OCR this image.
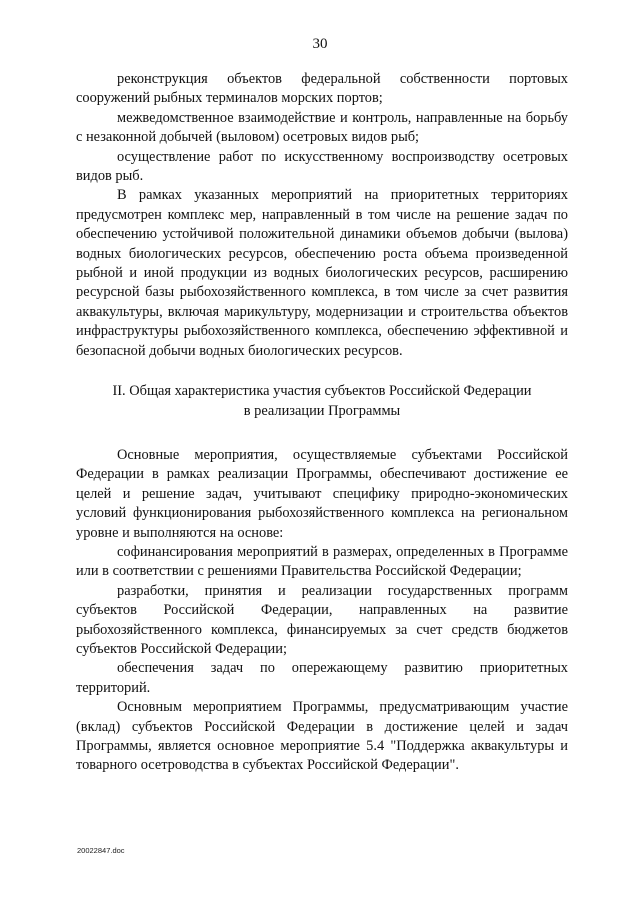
30

реконструкция объектов федеральной собственности портовых сооружений рыбных терминалов морских портов;

межведомственное взаимодействие и контроль, направленные на борьбу с незаконной добычей (выловом) осетровых видов рыб;

осуществление работ по искусственному воспроизводству осетровых видов рыб.

В рамках указанных мероприятий на приоритетных территориях предусмотрен комплекс мер, направленный в том числе на решение задач по обеспечению устойчивой положительной динамики объемов добычи (вылова) водных биологических ресурсов, обеспечению роста объема произведенной рыбной и иной продукции из водных биологических ресурсов, расширению ресурсной базы рыбохозяйственного комплекса, в том числе за счет развития аквакультуры, включая марикультуру, модернизации и строительства объектов инфраструктуры рыбохозяйственного комплекса, обеспечению эффективной и безопасной добычи водных биологических ресурсов.

II. Общая характеристика участия субъектов Российской Федерации
в реализации Программы

Основные мероприятия, осуществляемые субъектами Российской Федерации в рамках реализации Программы, обеспечивают достижение ее целей и решение задач, учитывают специфику природно-экономических условий функционирования рыбохозяйственного комплекса на региональном уровне и выполняются на основе:

софинансирования мероприятий в размерах, определенных в Программе или в соответствии с решениями Правительства Российской Федерации;

разработки, принятия и реализации государственных программ субъектов Российской Федерации, направленных на развитие рыбохозяйственного комплекса, финансируемых за счет средств бюджетов субъектов Российской Федерации;

обеспечения задач по опережающему развитию приоритетных территорий.

Основным мероприятием Программы, предусматривающим участие (вклад) субъектов Российской Федерации в достижение целей и задач Программы, является основное мероприятие 5.4 "Поддержка аквакультуры и товарного осетроводства в субъектах Российской Федерации".

20022847.doc
